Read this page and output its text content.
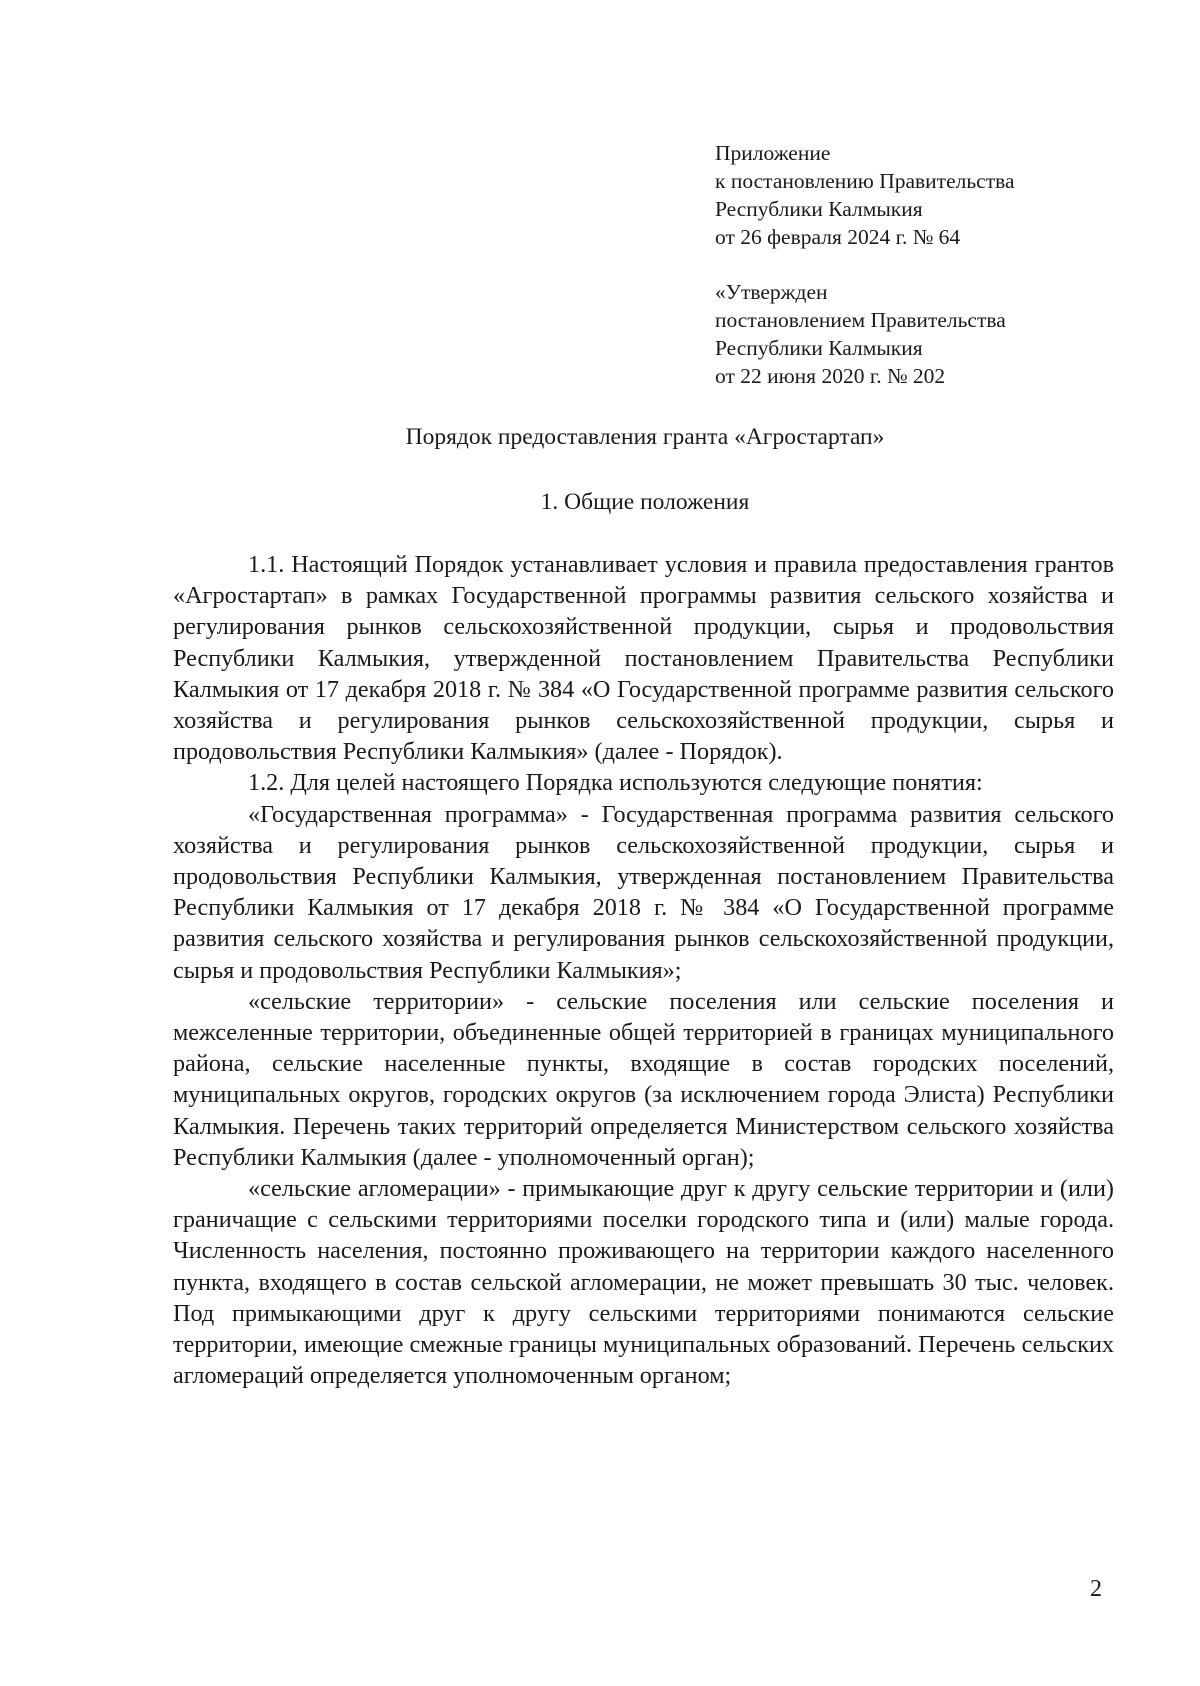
Приложение
к постановлению Правительства
Республики Калмыкия
от 26 февраля 2024 г. № 64
«Утвержден
постановлением Правительства
Республики Калмыкия
от 22 июня 2020 г. № 202
Порядок предоставления гранта «Агростартап»
1. Общие положения

1.1. Настоящий Порядок устанавливает условия и правила предоставления грантов «Агростартап» в рамках Государственной программы развития сельского хозяйства и регулирования рынков сельскохозяйственной продукции, сырья и продовольствия Республики Калмыкия, утвержденной постановлением Правительства Республики Калмыкия от 17 декабря 2018 г. № 384 «О Государственной программе развития сельского хозяйства и регулирования рынков сельскохозяйственной продукции, сырья и продовольствия Республики Калмыкия» (далее - Порядок).

1.2. Для целей настоящего Порядка используются следующие понятия:

«Государственная программа» - Государственная программа развития сельского хозяйства и регулирования рынков сельскохозяйственной продукции, сырья и продовольствия Республики Калмыкия, утвержденная постановлением Правительства Республики Калмыкия от 17 декабря 2018 г. № 384 «О Государственной программе развития сельского хозяйства и регулирования рынков сельскохозяйственной продукции, сырья и продовольствия Республики Калмыкия»;

«сельские территории» - сельские поселения или сельские поселения и межселенные территории, объединенные общей территорией в границах муниципального района, сельские населенные пункты, входящие в состав городских поселений, муниципальных округов, городских округов (за исключением города Элиста) Республики Калмыкия. Перечень таких территорий определяется Министерством сельского хозяйства Республики Калмыкия (далее - уполномоченный орган);

«сельские агломерации» - примыкающие друг к другу сельские территории и (или) граничащие с сельскими территориями поселки городского типа и (или) малые города. Численность населения, постоянно проживающего на территории каждого населенного пункта, входящего в состав сельской агломерации, не может превышать 30 тыс. человек. Под примыкающими друг к другу сельскими территориями понимаются сельские территории, имеющие смежные границы муниципальных образований. Перечень сельских агломераций определяется уполномоченным органом;

2
